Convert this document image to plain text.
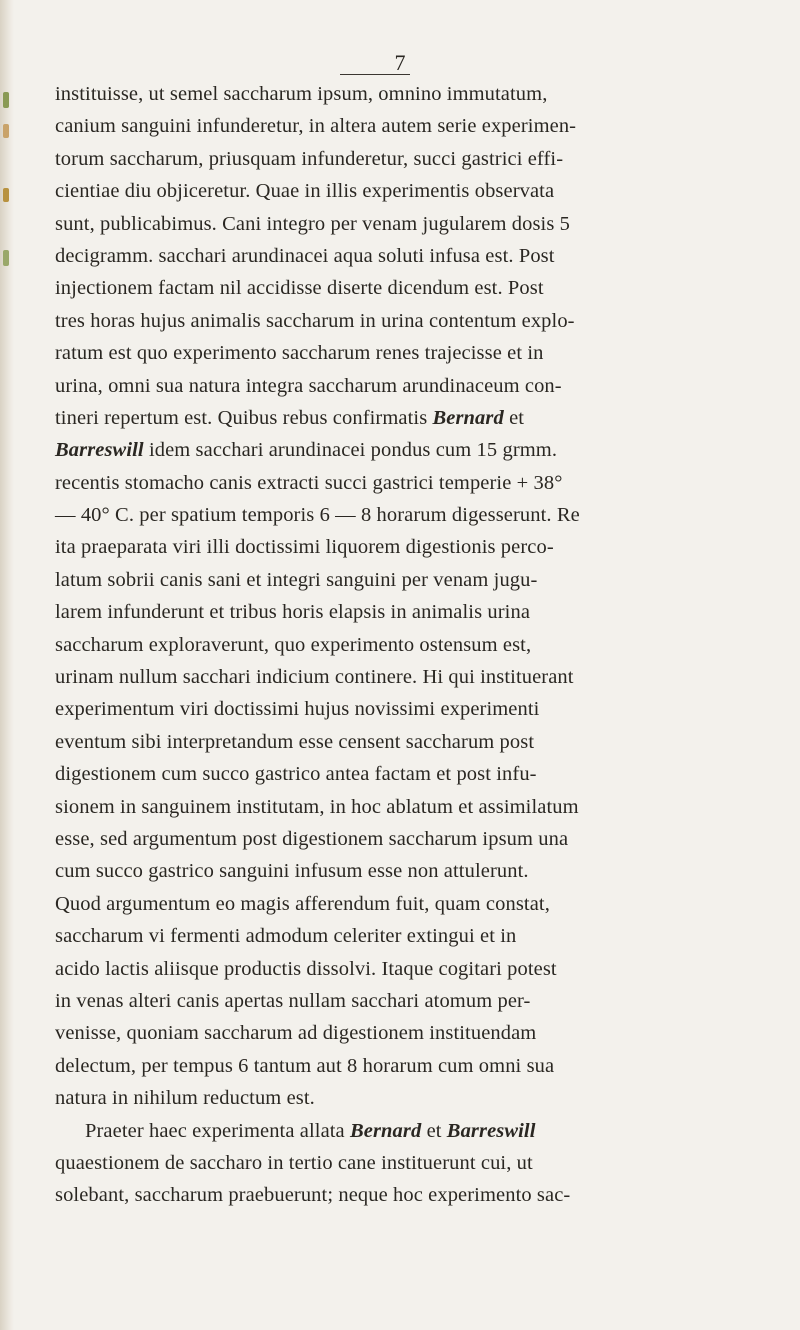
7
instituisse, ut semel saccharum ipsum, omnino immutatum,
canium sanguini infunderetur, in altera autem serie experimen-
torum saccharum, priusquam infunderetur, succi gastrici effi-
cientiae diu objiceretur. Quae in illis experimentis observata
sunt, publicabimus. Cani integro per venam jugularem dosis 5
decigramm. sacchari arundinacei aqua soluti infusa est. Post
injectionem factam nil accidisse diserte dicendum est. Post
tres horas hujus animalis saccharum in urina contentum explo-
ratum est quo experimento saccharum renes trajecisse et in
urina, omni sua natura integra saccharum arundinaceum con-
tineri repertum est. Quibus rebus confirmatis Bernard et
Barreswill idem sacchari arundinacei pondus cum 15 grmm.
recentis stomacho canis extracti succi gastrici temperie + 38°
— 40° C. per spatium temporis 6 — 8 horarum digesserunt. Re
ita praeparata viri illi doctissimi liquorem digestionis perco-
latum sobrii canis sani et integri sanguini per venam jugu-
larem infunderunt et tribus horis elapsis in animalis urina
saccharum exploraverunt, quo experimento ostensum est,
urinam nullum sacchari indicium continere. Hi qui instituerant
experimentum viri doctissimi hujus novissimi experimenti
eventum sibi interpretandum esse censent saccharum post
digestionem cum succo gastrico antea factam et post infu-
sionem in sanguinem institutam, in hoc ablatum et assimilatum
esse, sed argumentum post digestionem saccharum ipsum una
cum succo gastrico sanguini infusum esse non attulerunt.
Quod argumentum eo magis afferendum fuit, quam constat,
saccharum vi fermenti admodum celeriter extingui et in
acido lactis aliisque productis dissolvi. Itaque cogitari potest
in venas alteri canis apertas nullam sacchari atomum per-
venisse, quoniam saccharum ad digestionem instituendam
delectum, per tempus 6 tantum aut 8 horarum cum omni sua
natura in nihilum reductum est.
Praeter haec experimenta allata Bernard et Barreswill
quaestionem de saccharo in tertio cane instituerunt cui, ut
solebant, saccharum praebuerunt; neque hoc experimento sac-
